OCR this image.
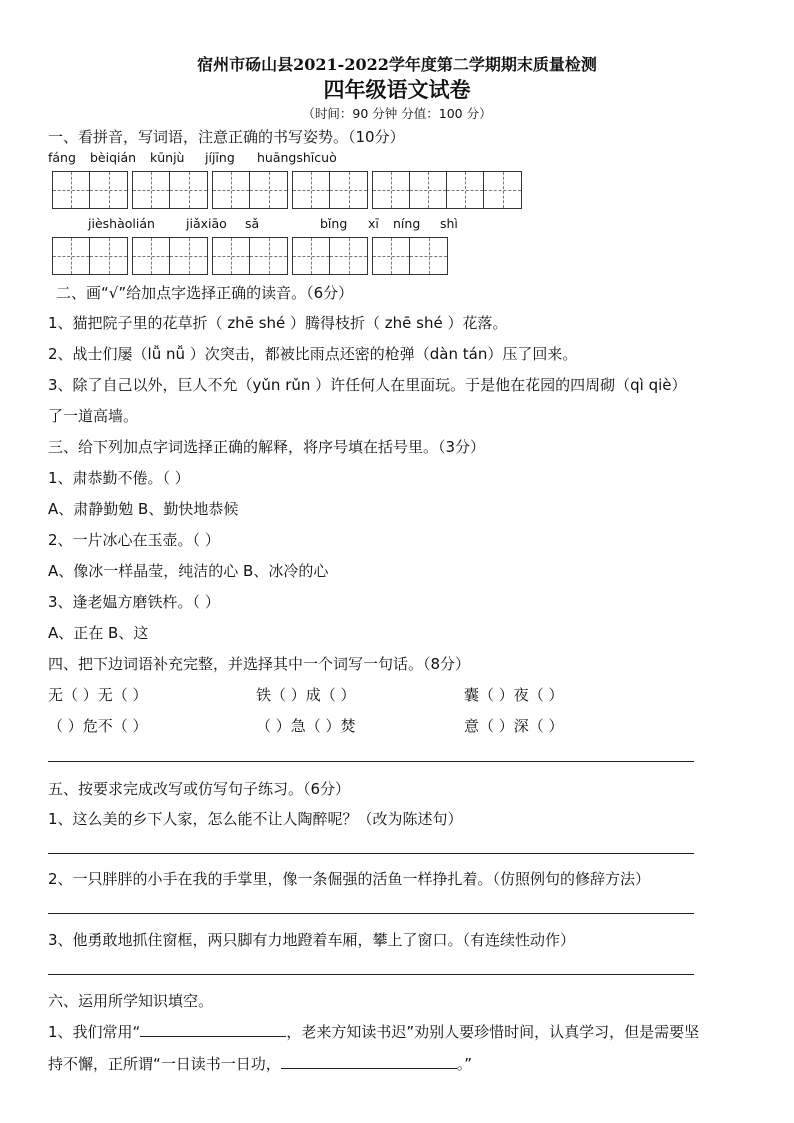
宿州市砀山县2021-2022学年度第二学期期末质量检测
四年级语文试卷
（时间：90 分钟 分值：100 分）
一、看拼音，写词语，注意正确的书写姿势。（10分）
fáng bèiqián kūnjù jíjīng huāngshīcuò
jièshàolián jiǎxiāo sǎ	bǐng xī níng shì
二、画“√”给加点字选择正确的读音。（6分）
1、猫把院子里的花草折（ zhē shé ）腾得枝折（ zhē shé ）花落。
2、战士们屡（lǚ nǚ ）次突击，都被比雨点还密的枪弹（dàn tán）压了回来。
3、除了自己以外，巨人不允（yǔn rǔn ）许任何人在里面玩。于是他在花园的四周砌（qì qiè）
了一道高墙。
三、给下列加点字词选择正确的解释，将序号填在括号里。（3分）
1、肃恭勤不倦。（ ）
A、肃静勤勉 B、勤快地恭候
2、一片冰心在玉壶。（ ）
A、像冰一样晶莹，纯洁的心 B、冰冷的心
3、逢老媪方磨铁杵。（ ）
A、正在 B、这
四、把下边词语补充完整，并选择其中一个词写一句话。（8分）
无（ ）无（ ）	铁（ ）成（ ）	囊（ ）夜（ ）
（ ）危不（ ）	（ ）急（ ）焚	意（ ）深（ ）
五、按要求完成改写或仿写句子练习。（6分）
1、这么美的乡下人家，怎么能不让人陶醉呢？（改为陈述句）
2、一只胖胖的小手在我的手掌里，像一条倔强的活鱼一样挣扎着。（仿照例句的修辞方法）
3、他勇敢地抓住窗框，两只脚有力地蹬着车厢，攀上了窗口。（有连续性动作）
六、运用所学知识填空。
1、我们常用“	，老来方知读书迟”劝别人要珍惜时间，认真学习，但是需要坚
持不懈，正所谓“一日读书一日功，	。”
